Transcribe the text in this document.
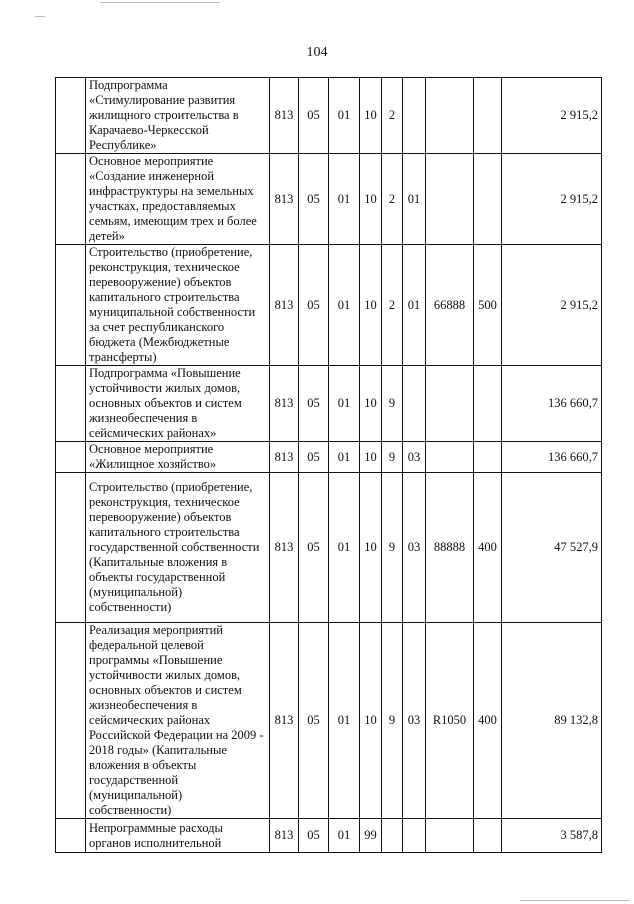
104
	Подпрограмма «Стимулирование развития жилищного строительства в Карачаево-Черкесской Республике»	813	05	01	10	2				2 915,2
	Основное мероприятие «Создание инженерной инфраструктуры на земельных участках, предоставляемых семьям, имеющим трех и более детей»	813	05	01	10	2	01			2 915,2
	Строительство (приобретение, реконструкция, техническое перевооружение) объектов капитального строительства муниципальной собственности за счет республиканского бюджета (Межбюджетные трансферты)	813	05	01	10	2	01	66888	500	2 915,2
	Подпрограмма «Повышение устойчивости жилых домов, основных объектов и систем жизнеобеспечения в сейсмических районах»	813	05	01	10	9				136 660,7
	Основное мероприятие «Жилищное хозяйство»	813	05	01	10	9	03			136 660,7
	Строительство (приобретение, реконструкция, техническое перевооружение) объектов капитального строительства государственной собственности (Капитальные вложения в объекты государственной (муниципальной) собственности)	813	05	01	10	9	03	88888	400	47 527,9
	Реализация мероприятий федеральной целевой программы «Повышение устойчивости жилых домов, основных объектов и систем жизнеобеспечения в сейсмических районах Российской Федерации на 2009 - 2018 годы» (Капитальные вложения в объекты государственной (муниципальной) собственности)	813	05	01	10	9	03	R1050	400	89 132,8
	Непрограммные расходы органов исполнительной	813	05	01	99					3 587,8
